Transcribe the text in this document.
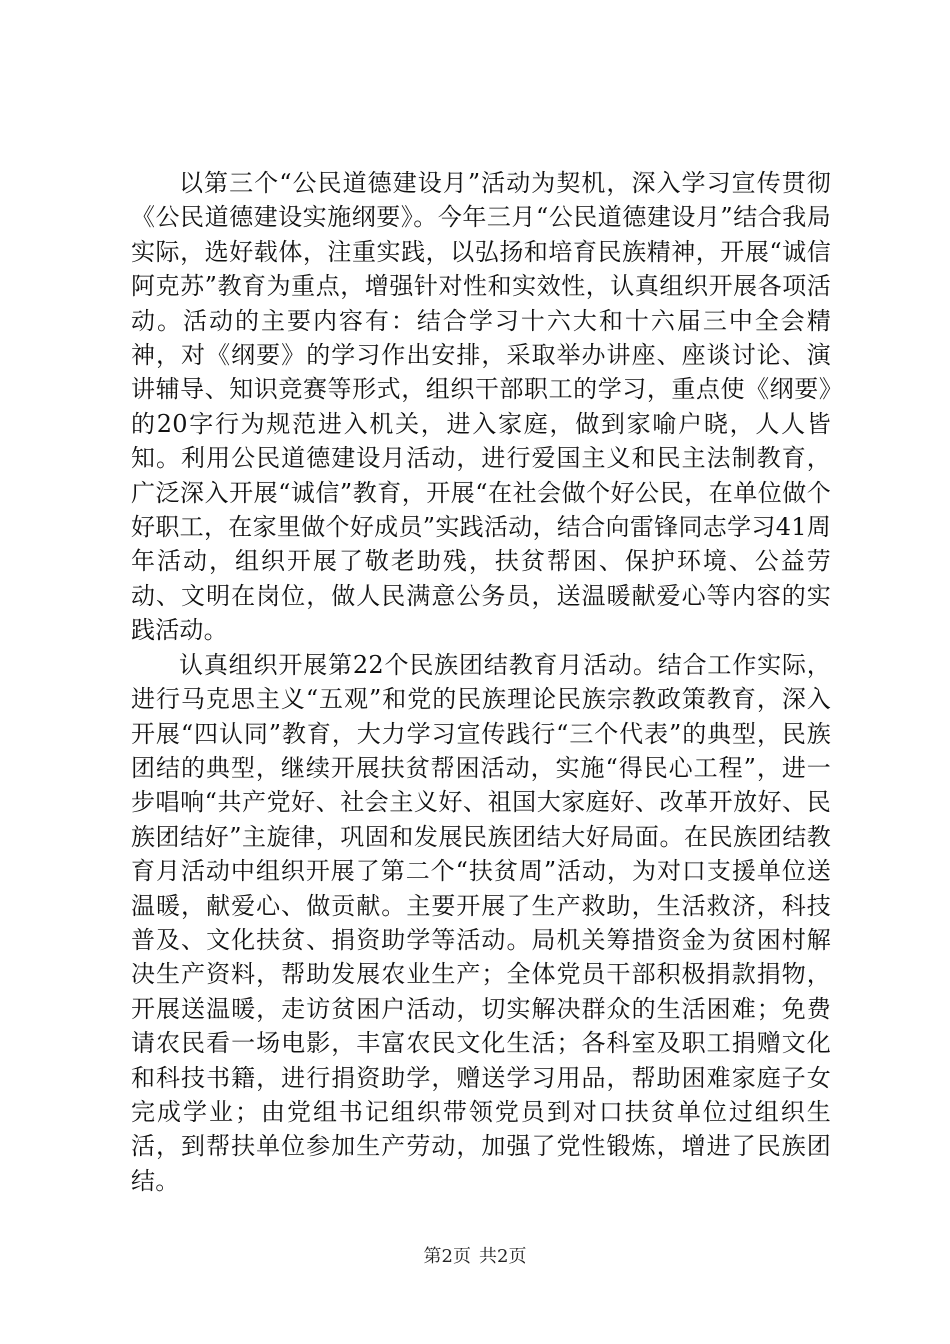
以第三个“公民道德建设月”活动为契机，深入学习宣传贯彻《公民道德建设实施纲要》。今年三月“公民道德建设月”结合我局实际，选好载体，注重实践，以弘扬和培育民族精神，开展“诚信阿克苏”教育为重点，增强针对性和实效性，认真组织开展各项活动。活动的主要内容有：结合学习十六大和十六届三中全会精神，对《纲要》的学习作出安排，采取举办讲座、座谈讨论、演讲辅导、知识竞赛等形式，组织干部职工的学习，重点使《纲要》的20字行为规范进入机关，进入家庭，做到家喻户晓，人人皆知。利用公民道德建设月活动，进行爱国主义和民主法制教育，广泛深入开展“诚信”教育，开展“在社会做个好公民，在单位做个好职工，在家里做个好成员”实践活动，结合向雷锋同志学习41周年活动，组织开展了敬老助残，扶贫帮困、保护环境、公益劳动、文明在岗位，做人民满意公务员，送温暖献爱心等内容的实践活动。

认真组织开展第22个民族团结教育月活动。结合工作实际，进行马克思主义“五观”和党的民族理论民族宗教政策教育，深入开展“四认同”教育，大力学习宣传践行“三个代表”的典型，民族团结的典型，继续开展扶贫帮困活动，实施“得民心工程”，进一步唱响“共产党好、社会主义好、祖国大家庭好、改革开放好、民族团结好”主旋律，巩固和发展民族团结大好局面。在民族团结教育月活动中组织开展了第二个“扶贫周”活动，为对口支援单位送温暖，献爱心、做贡献。主要开展了生产救助，生活救济，科技普及、文化扶贫、捐资助学等活动。局机关筹措资金为贫困村解决生产资料，帮助发展农业生产；全体党员干部积极捐款捐物，开展送温暖，走访贫困户活动，切实解决群众的生活困难；免费请农民看一场电影，丰富农民文化生活；各科室及职工捐赠文化和科技书籍，进行捐资助学，赠送学习用品，帮助困难家庭子女完成学业；由党组书记组织带领党员到对口扶贫单位过组织生活，到帮扶单位参加生产劳动，加强了党性锻炼，增进了民族团结。

第2页 共2页
